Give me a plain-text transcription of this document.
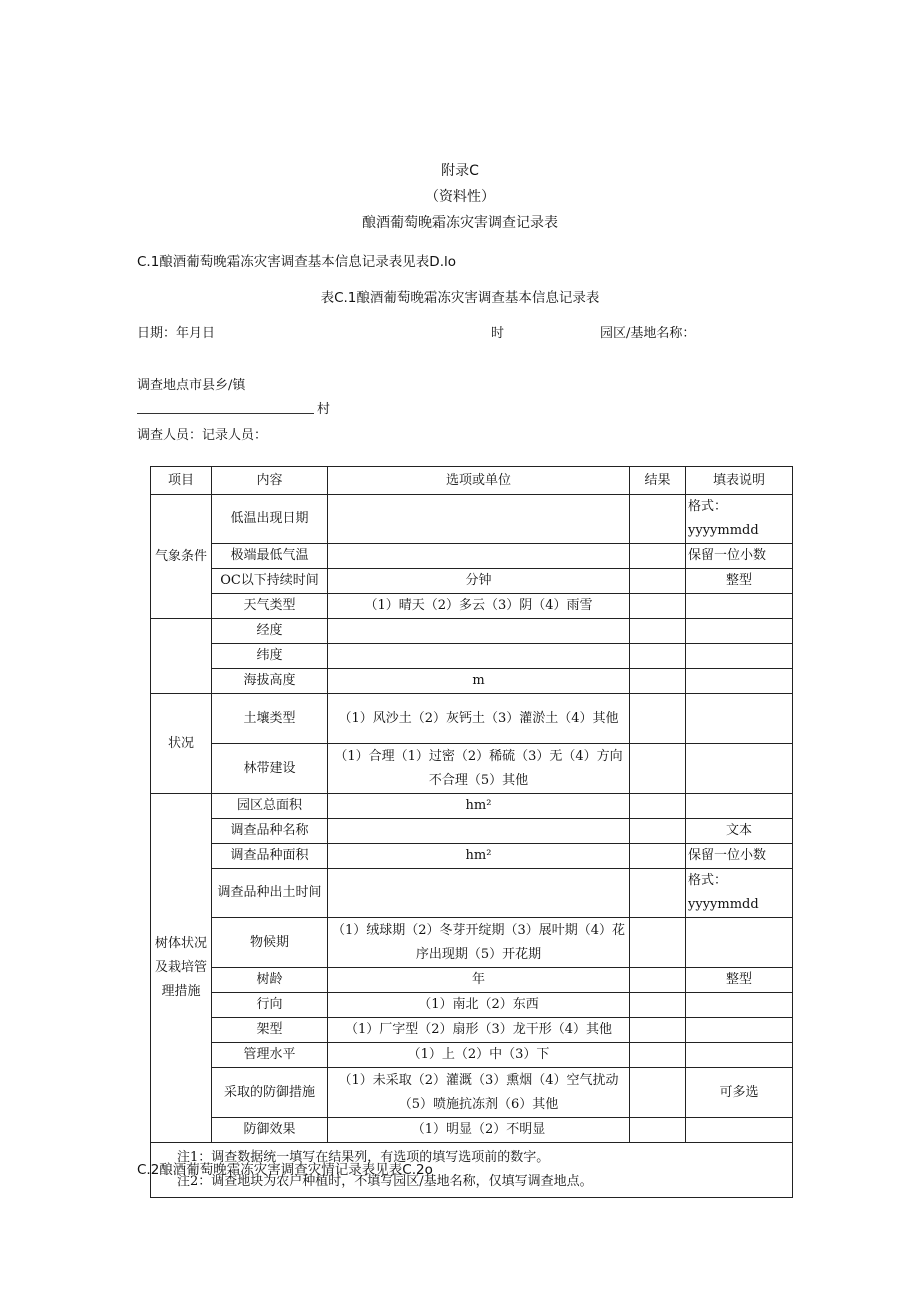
附录C
（资料性）
酿酒葡萄晚霜冻灾害调查记录表
C.1酿酒葡萄晚霜冻灾害调查基本信息记录表见表D.lo
表C.1酿酒葡萄晚霜冻灾害调查基本信息记录表
日期：年月日	时	园区/基地名称：
调查地点市县乡/镇
村
调查人员：记录人员：
项目	内容	选项或单位	结果	填表说明
气象条件	低温出现日期			格式：yyyymmdd
	极端最低气温			保留一位小数
	OC以下持续时间	分钟		整型
	天气类型	（1）晴天（2）多云（3）阴（4）雨雪		
	经度			
	纬度			
	海拔高度	m		
状况	土壤类型	（1）风沙土（2）灰钙土（3）灌淤土（4）其他		
	林带建设	（1）合理（1）过密（2）稀硫（3）无（4）方向不合理（5）其他		
树体状况及栽培管理措施	园区总面积	hm²		
	调查品种名称			文本
	调查品种面积	hm²		保留一位小数
	调查品种出土时间			格式：yyyymmdd
	物候期	（1）绒球期（2）冬芽开绽期（3）展叶期（4）花序出现期（5）开花期		
	树龄	年		整型
	行向	（1）南北（2）东西		
	架型	（1）厂字型（2）扇形（3）龙干形（4）其他		
	管理水平	（1）上（2）中（3）下		
	采取的防御措施	（1）未采取（2）灌溉（3）熏烟（4）空气扰动（5）喷施抗冻剂（6）其他		可多选
	防御效果	（1）明显（2）不明显		

注1：调查数据统一填写在结果列，有选项的填写选项前的数字。
注2：调查地块为农户种植时，不填写园区/基地名称，仅填写调查地点。				
C.2酿酒葡萄晚霜冻灾害调查灾情记录表见表C.2o
